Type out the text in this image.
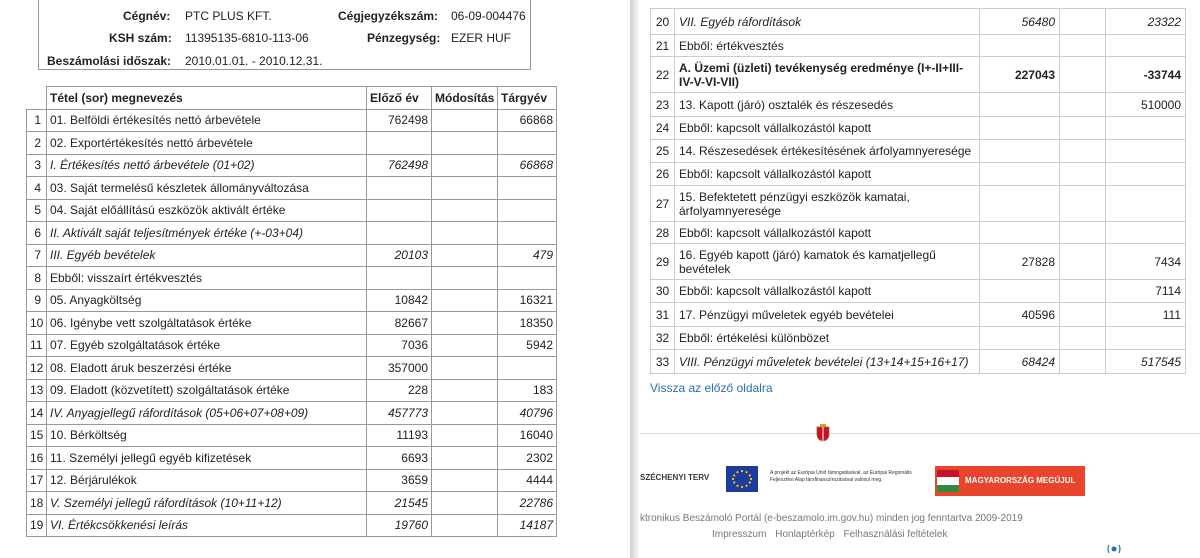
Cégnév: PTC PLUS KFT.	Cégjegyzékszám: 06-09-004476
KSH szám: 11395135-6810-113-06	Pénzegység: EZER HUF
Beszámolási időszak: 2010.01.01. - 2010.12.31.
	Tétel (sor) megnevezés	Előző év	Módosítás	Tárgyév
1	01. Belföldi értékesítés nettó árbevétele	762498		66868
2	02. Exportértékesítés nettó árbevétele			
3	I. Értékesítés nettó árbevétele (01+02)	762498		66868
4	03. Saját termelésű készletek állományváltozása			
5	04. Saját előállítású eszközök aktivált értéke			
6	II. Aktivált saját teljesítmények értéke (+-03+04)			
7	III. Egyéb bevételek	20103		479
8	Ebből: visszaírt értékvesztés			
9	05. Anyagköltség	10842		16321
10	06. Igénybe vett szolgáltatások értéke	82667		18350
11	07. Egyéb szolgáltatások értéke	7036		5942
12	08. Eladott áruk beszerzési értéke	357000		
13	09. Eladott (közvetített) szolgáltatások értéke	228		183
14	IV. Anyagjellegű ráfordítások (05+06+07+08+09)	457773		40796
15	10. Bérköltség	11193		16040
16	11. Személyi jellegű egyéb kifizetések	6693		2302
17	12. Bérjárulékok	3659		4444
18	V. Személyi jellegű ráfordítások (10+11+12)	21545		22786
19	VI. Értékcsökkenési leírás	19760		14187
20	VII. Egyéb ráfordítások	56480		23322
21	Ebből: értékvesztés			
22	A. Üzemi (üzleti) tevékenység eredménye (I+-II+III-IV-V-VI-VII)	227043		-33744
23	13. Kapott (járó) osztalék és részesedés			510000
24	Ebből: kapcsolt vállalkozástól kapott			
25	14. Részesedések értékesítésének árfolyamnyeresége			
26	Ebből: kapcsolt vállalkozástól kapott			
27	15. Befektetett pénzügyi eszközök kamatai, árfolyamnyeresége			
28	Ebből: kapcsolt vállalkozástól kapott			
29	16. Egyéb kapott (járó) kamatok és kamatjellegű bevételek	27828		7434
30	Ebből: kapcsolt vállalkozástól kapott			7114
31	17. Pénzügyi műveletek egyéb bevételei	40596		111
32	Ebből: értékelési különbözet			
33	VIII. Pénzügyi műveletek bevételei (13+14+15+16+17)	68424		517545
Vissza az előző oldalra
SZÉCHENYI TERV	A projekt az Európai Unió támogatásával, az Európai Regionális Fejlesztési Alap társfinanszírozásával valósul meg.	MAGYARORSZÁG MEGÚJUL
ktronikus Beszámoló Portál (e-beszamolo.im.gov.hu) minden jog fenntartva 2009-2019
Impresszum Honlaptérkép Felhasználási feltételek
